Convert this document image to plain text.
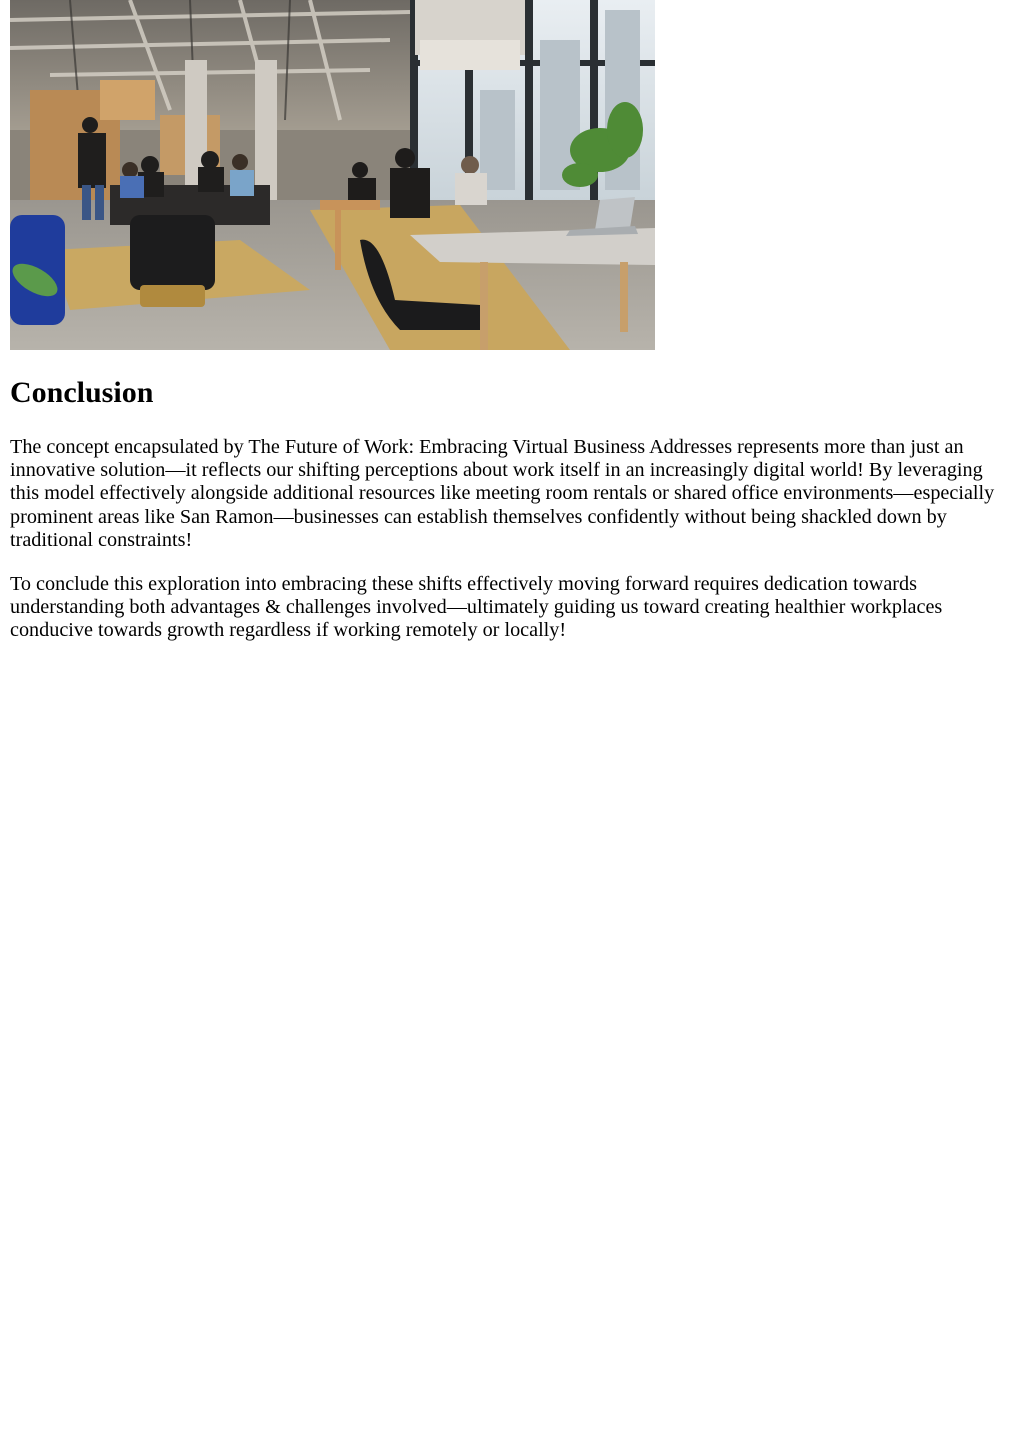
Conclusion

The concept encapsulated by The Future of Work: Embracing Virtual Business Addresses represents more than just an innovative solution—it reflects our shifting perceptions about work itself in an increasingly digital world! By leveraging this model effectively alongside additional resources like meeting room rentals or shared office environments—especially prominent areas like San Ramon—businesses can establish themselves confidently without being shackled down by traditional constraints!

To conclude this exploration into embracing these shifts effectively moving forward requires dedication towards understanding both advantages & challenges involved—ultimately guiding us toward creating healthier workplaces conducive towards growth regardless if working remotely or locally!
